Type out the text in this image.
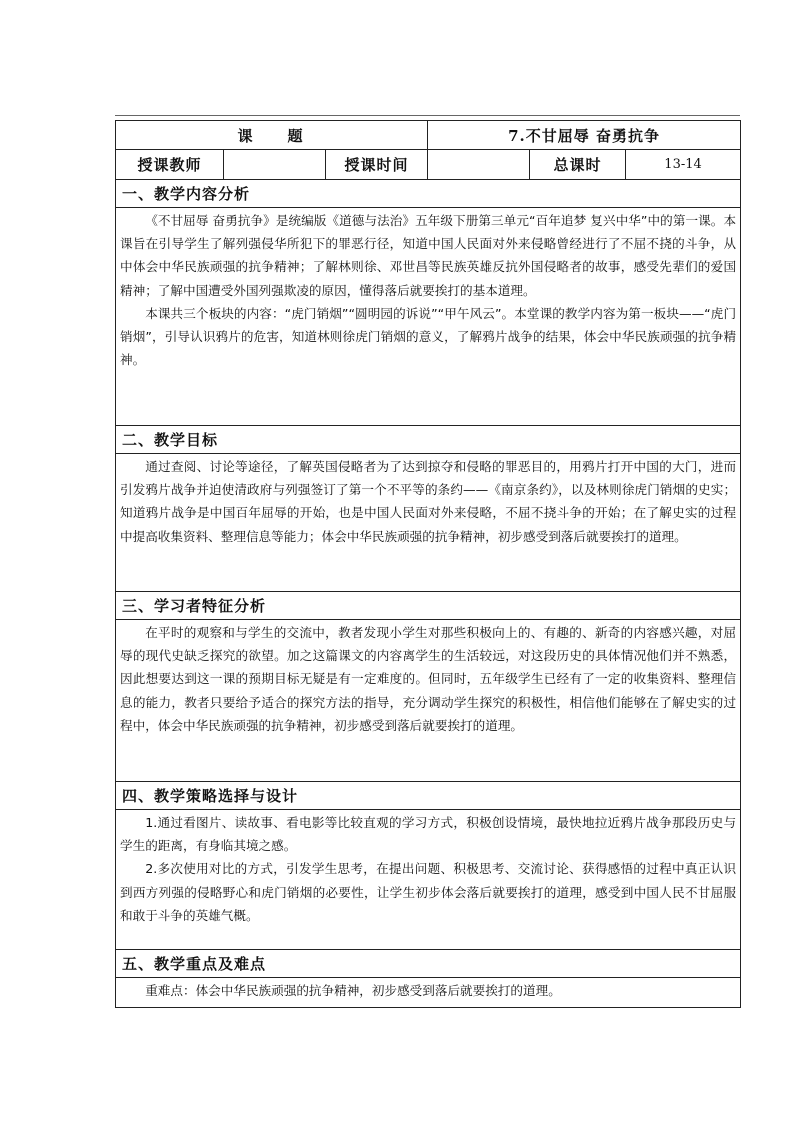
课 题			7.不甘屈辱 奋勇抗争		
授课教师		授课时间		总课时	13-14
一、教学内容分析					

《不甘屈辱 奋勇抗争》是统编版《道德与法治》五年级下册第三单元“百年追梦 复兴中华”中的第一课。本课旨在引导学生了解列强侵华所犯下的罪恶行径，知道中国人民面对外来侵略曾经进行了不屈不挠的斗争，从中体会中华民族顽强的抗争精神；了解林则徐、邓世昌等民族英雄反抗外国侵略者的故事，感受先辈们的爱国精神；了解中国遭受外国列强欺凌的原因，懂得落后就要挨打的基本道理。

本课共三个板块的内容：“虎门销烟”“圆明园的诉说”“甲午风云”。本堂课的教学内容为第一板块——“虎门销烟”，引导认识鸦片的危害，知道林则徐虎门销烟的意义，了解鸦片战争的结果，体会中华民族顽强的抗争精神。					

二、教学目标					

通过查阅、讨论等途径，了解英国侵略者为了达到掠夺和侵略的罪恶目的，用鸦片打开中国的大门，进而引发鸦片战争并迫使清政府与列强签订了第一个不平等的条约——《南京条约》，以及林则徐虎门销烟的史实；知道鸦片战争是中国百年屈辱的开始，也是中国人民面对外来侵略，不屈不挠斗争的开始；在了解史实的过程中提高收集资料、整理信息等能力；体会中华民族顽强的抗争精神，初步感受到落后就要挨打的道理。					

三、学习者特征分析					

在平时的观察和与学生的交流中，教者发现小学生对那些积极向上的、有趣的、新奇的内容感兴趣，对屈辱的现代史缺乏探究的欲望。加之这篇课文的内容离学生的生活较远，对这段历史的具体情况他们并不熟悉，因此想要达到这一课的预期目标无疑是有一定难度的。但同时，五年级学生已经有了一定的收集资料、整理信息的能力，教者只要给予适合的探究方法的指导，充分调动学生探究的积极性，相信他们能够在了解史实的过程中，体会中华民族顽强的抗争精神，初步感受到落后就要挨打的道理。					

四、教学策略选择与设计					

1.通过看图片、读故事、看电影等比较直观的学习方式，积极创设情境，最快地拉近鸦片战争那段历史与学生的距离，有身临其境之感。

2.多次使用对比的方式，引发学生思考，在提出问题、积极思考、交流讨论、获得感悟的过程中真正认识到西方列强的侵略野心和虎门销烟的必要性，让学生初步体会落后就要挨打的道理，感受到中国人民不甘屈服和敢于斗争的英雄气概。					

五、教学重点及难点					

重难点：体会中华民族顽强的抗争精神，初步感受到落后就要挨打的道理。					
